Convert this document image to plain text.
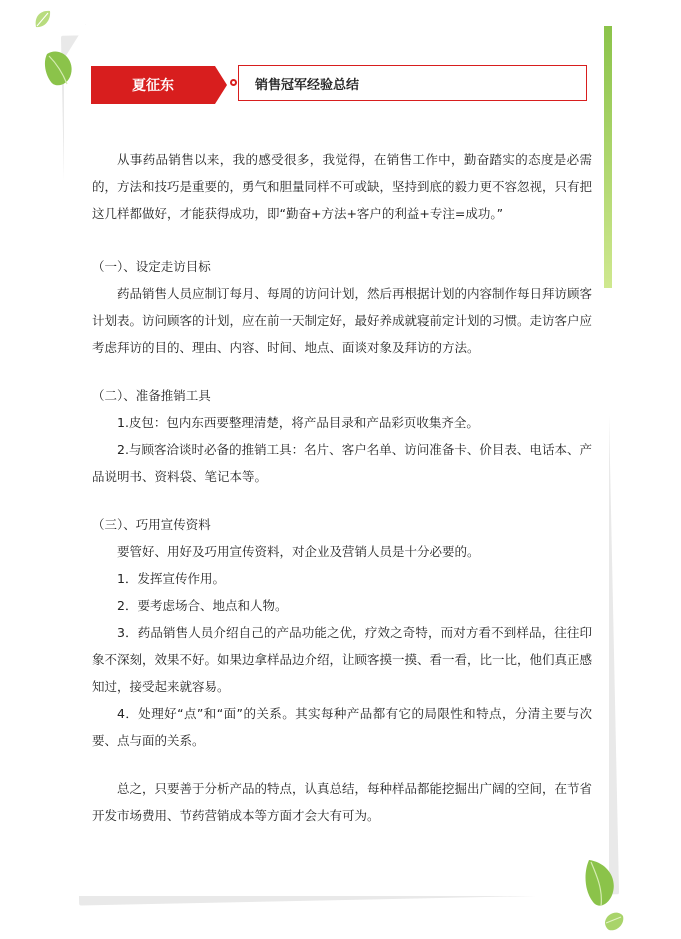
夏征东	销售冠军经验总结

从事药品销售以来，我的感受很多，我觉得，在销售工作中，勤奋踏实的态度是必需的，方法和技巧是重要的，勇气和胆量同样不可或缺，坚持到底的毅力更不容忽视，只有把这几样都做好，才能获得成功，即“勤奋+方法+客户的利益+专注=成功。”

（一）、设定走访目标

药品销售人员应制订每月、每周的访问计划，然后再根据计划的内容制作每日拜访顾客计划表。访问顾客的计划，应在前一天制定好，最好养成就寝前定计划的习惯。走访客户应考虑拜访的目的、理由、内容、时间、地点、面谈对象及拜访的方法。

（二）、准备推销工具

1.皮包：包内东西要整理清楚，将产品目录和产品彩页收集齐全。

2.与顾客洽谈时必备的推销工具：名片、客户名单、访问准备卡、价目表、电话本、产品说明书、资料袋、笔记本等。

（三）、巧用宣传资料

要管好、用好及巧用宣传资料，对企业及营销人员是十分必要的。

1．发挥宣传作用。

2．要考虑场合、地点和人物。

3．药品销售人员介绍自己的产品功能之优，疗效之奇特，而对方看不到样品，往往印象不深刻，效果不好。如果边拿样品边介绍，让顾客摸一摸、看一看，比一比，他们真正感知过，接受起来就容易。

4．处理好“点”和“面”的关系。其实每种产品都有它的局限性和特点，分清主要与次要、点与面的关系。

总之，只要善于分析产品的特点，认真总结，每种样品都能挖掘出广阔的空间，在节省开发市场费用、节药营销成本等方面才会大有可为。
